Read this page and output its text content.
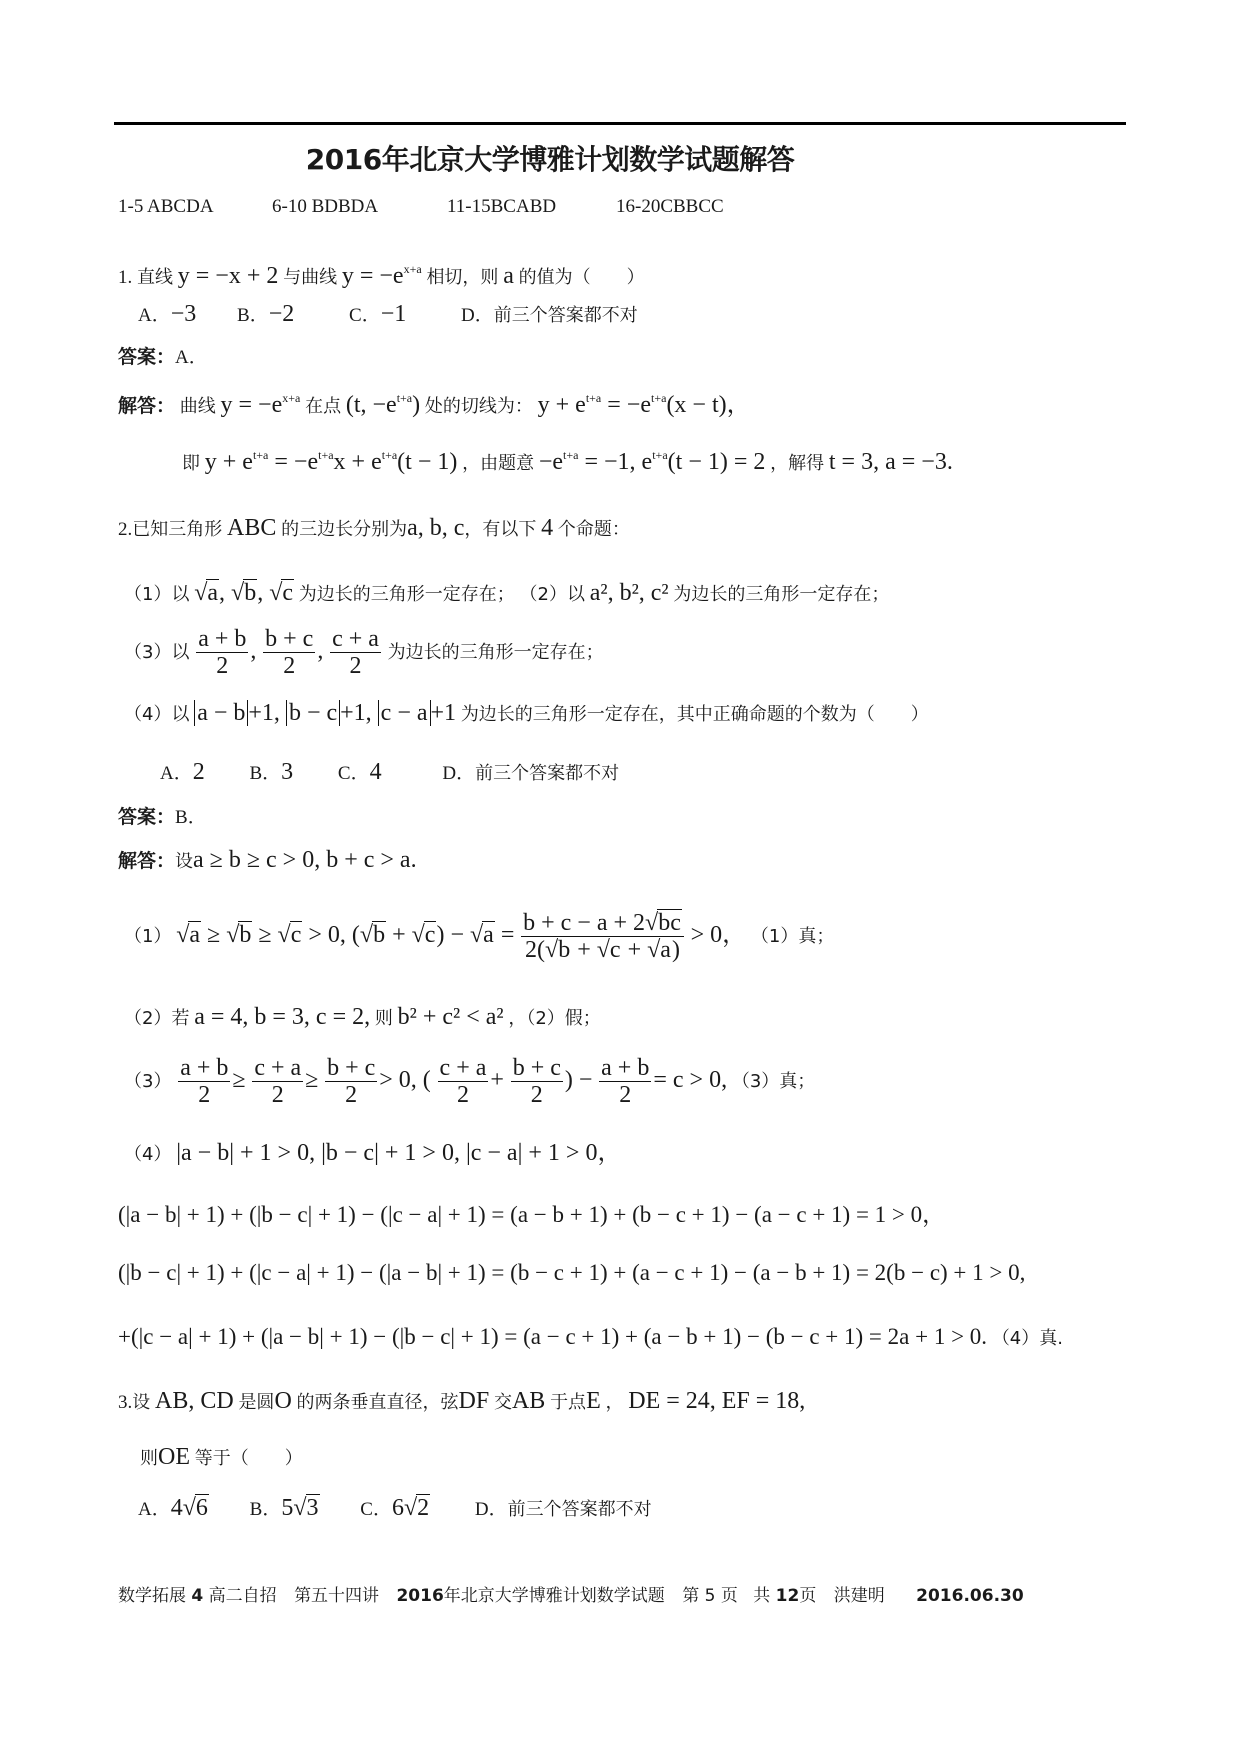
2016年北京大学博雅计划数学试题解答
1-5 ABCDA	6-10 BDBDA	11-15BCABD	16-20CBBCC
1. 直线 y = −x + 2 与曲线 $y = -e^{x+a}$ 相切，则 a 的值为（　　）
A．−3 B．−2	C．−1	D．前三个答案都不对
答案：A．
解答： 曲线 $y = -e^{x+a}$ 在点 (t, $-e^{t+a}$) 处的切线为： $y + e^{t+a} = -e^{t+a}(x - t)$，
即 $y + e^{t+a} = -e^{t+a}x + e^{t+a}(t - 1)$ ，由题意 $-e^{t+a} = -1$, $e^{t+a}(t - 1) = 2$ ，解得 t = 3, a = −3.
2.已知三角形 ABC 的三边长分别为a, b, c，有以下 4 个命题：
（1）以 √a, √b, √c 为边长的三角形一定存在； （2）以 a², b², c² 为边长的三角形一定存在；
（3）以 $\frac{a + b}{2}$ , $\frac{b + c}{2}$ , $\frac{c + a}{2}$ 为边长的三角形一定存在；
（4）以 a − b +1, b − c +1, c − a +1 为边长的三角形一定存在，其中正确命题的个数为（　　）
A．2 B．3 C．4	D．前三个答案都不对
答案：B．
解答：设a ≥ b ≥ c > 0, b + c > a.
（1） √a ≥ √b ≥ √c > 0, $(√b + √c) - √a = \frac{b + c - a + 2√bc}{2(√b + √c + √a)} > 0$， （1）真；
（2）若 a = 4, b = 3, c = 2, 则 b² + c² < a² ，（2）假；
$(3) \frac{a + b}{2} \ge \frac{c + a}{2} \ge \frac{b + c}{2} > 0$, ( $\frac{c + a}{2} + \frac{b + c}{2}$ ) − $\frac{a + b}{2} = c > 0$, （3）真；
（4） |a − b| + 1 > 0, |b − c| + 1 > 0, |c − a| + 1 > 0，
(|a − b| + 1) + (|b − c| + 1) − (|c − a| + 1) = (a − b + 1) + (b − c + 1) − (a − c + 1) = 1 > 0，
(|b − c| + 1) + (|c − a| + 1) − (|a − b| + 1) = (b − c + 1) + (a − c + 1) − (a − b + 1) = 2(b − c) + 1 > 0,
+(|c − a| + 1) + (|a − b| + 1) − (|b − c| + 1) = (a − c + 1) + (a − b + 1) − (b − c + 1) = 2a + 1 > 0. （4）真.
3.设 AB, CD 是圆O 的两条垂直直径，弦DF 交AB 于点E ， DE = 24, EF = 18,
则OE 等于（　　）
A．4√6 B．5√3 C．6√2 D．前三个答案都不对
数学拓展 4 高二自招 第五十四讲 2016年北京大学博雅计划数学试题 第 5 页 共 12页 洪建明 2016.06.30
